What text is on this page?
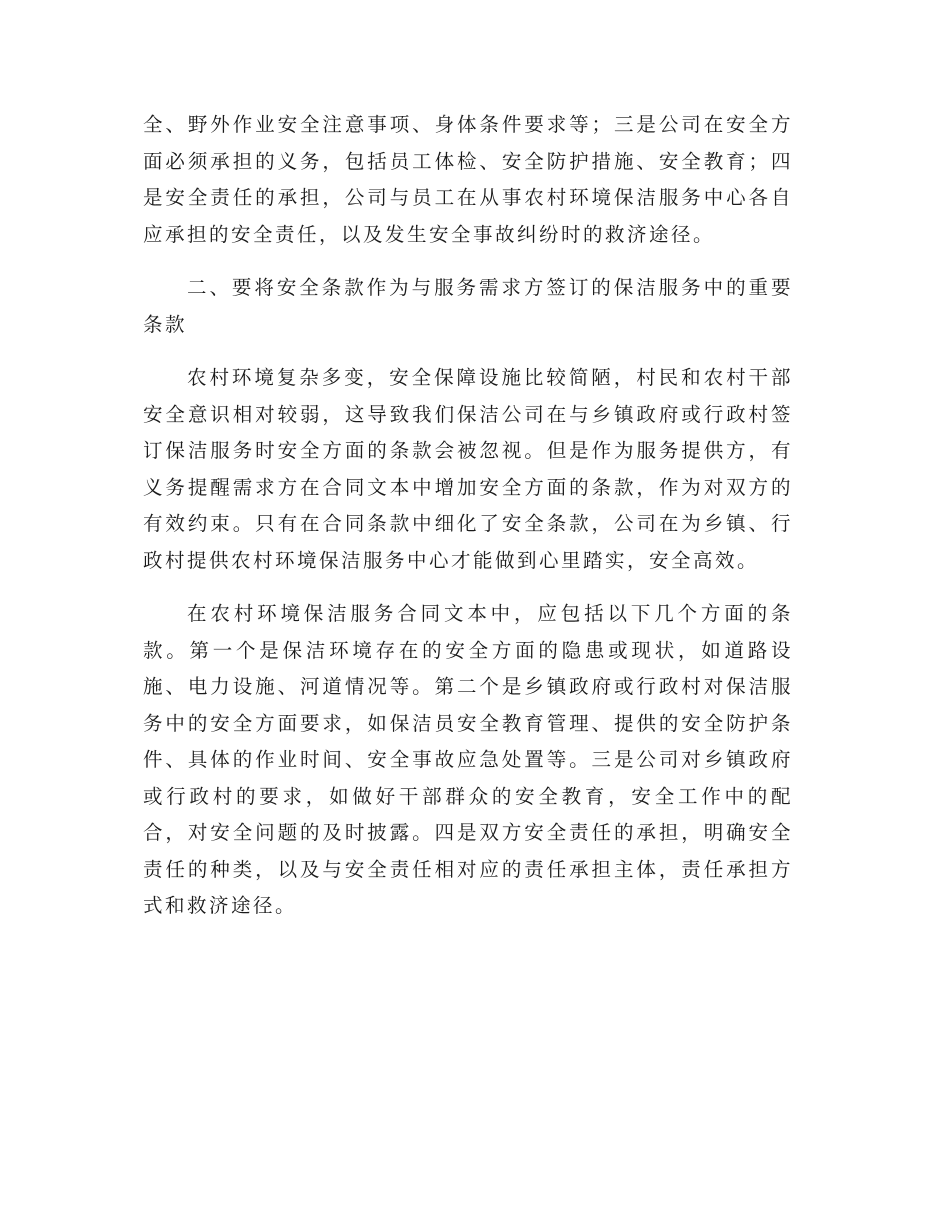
全、野外作业安全注意事项、身体条件要求等；三是公司在安全方面必须承担的义务，包括员工体检、安全防护措施、安全教育；四是安全责任的承担，公司与员工在从事农村环境保洁服务中心各自应承担的安全责任，以及发生安全事故纠纷时的救济途径。

二、要将安全条款作为与服务需求方签订的保洁服务中的重要条款

农村环境复杂多变，安全保障设施比较简陋，村民和农村干部安全意识相对较弱，这导致我们保洁公司在与乡镇政府或行政村签订保洁服务时安全方面的条款会被忽视。但是作为服务提供方，有义务提醒需求方在合同文本中增加安全方面的条款，作为对双方的有效约束。只有在合同条款中细化了安全条款，公司在为乡镇、行政村提供农村环境保洁服务中心才能做到心里踏实，安全高效。

在农村环境保洁服务合同文本中，应包括以下几个方面的条款。第一个是保洁环境存在的安全方面的隐患或现状，如道路设施、电力设施、河道情况等。第二个是乡镇政府或行政村对保洁服务中的安全方面要求，如保洁员安全教育管理、提供的安全防护条件、具体的作业时间、安全事故应急处置等。三是公司对乡镇政府或行政村的要求，如做好干部群众的安全教育，安全工作中的配合，对安全问题的及时披露。四是双方安全责任的承担，明确安全责任的种类，以及与安全责任相对应的责任承担主体，责任承担方式和救济途径。
